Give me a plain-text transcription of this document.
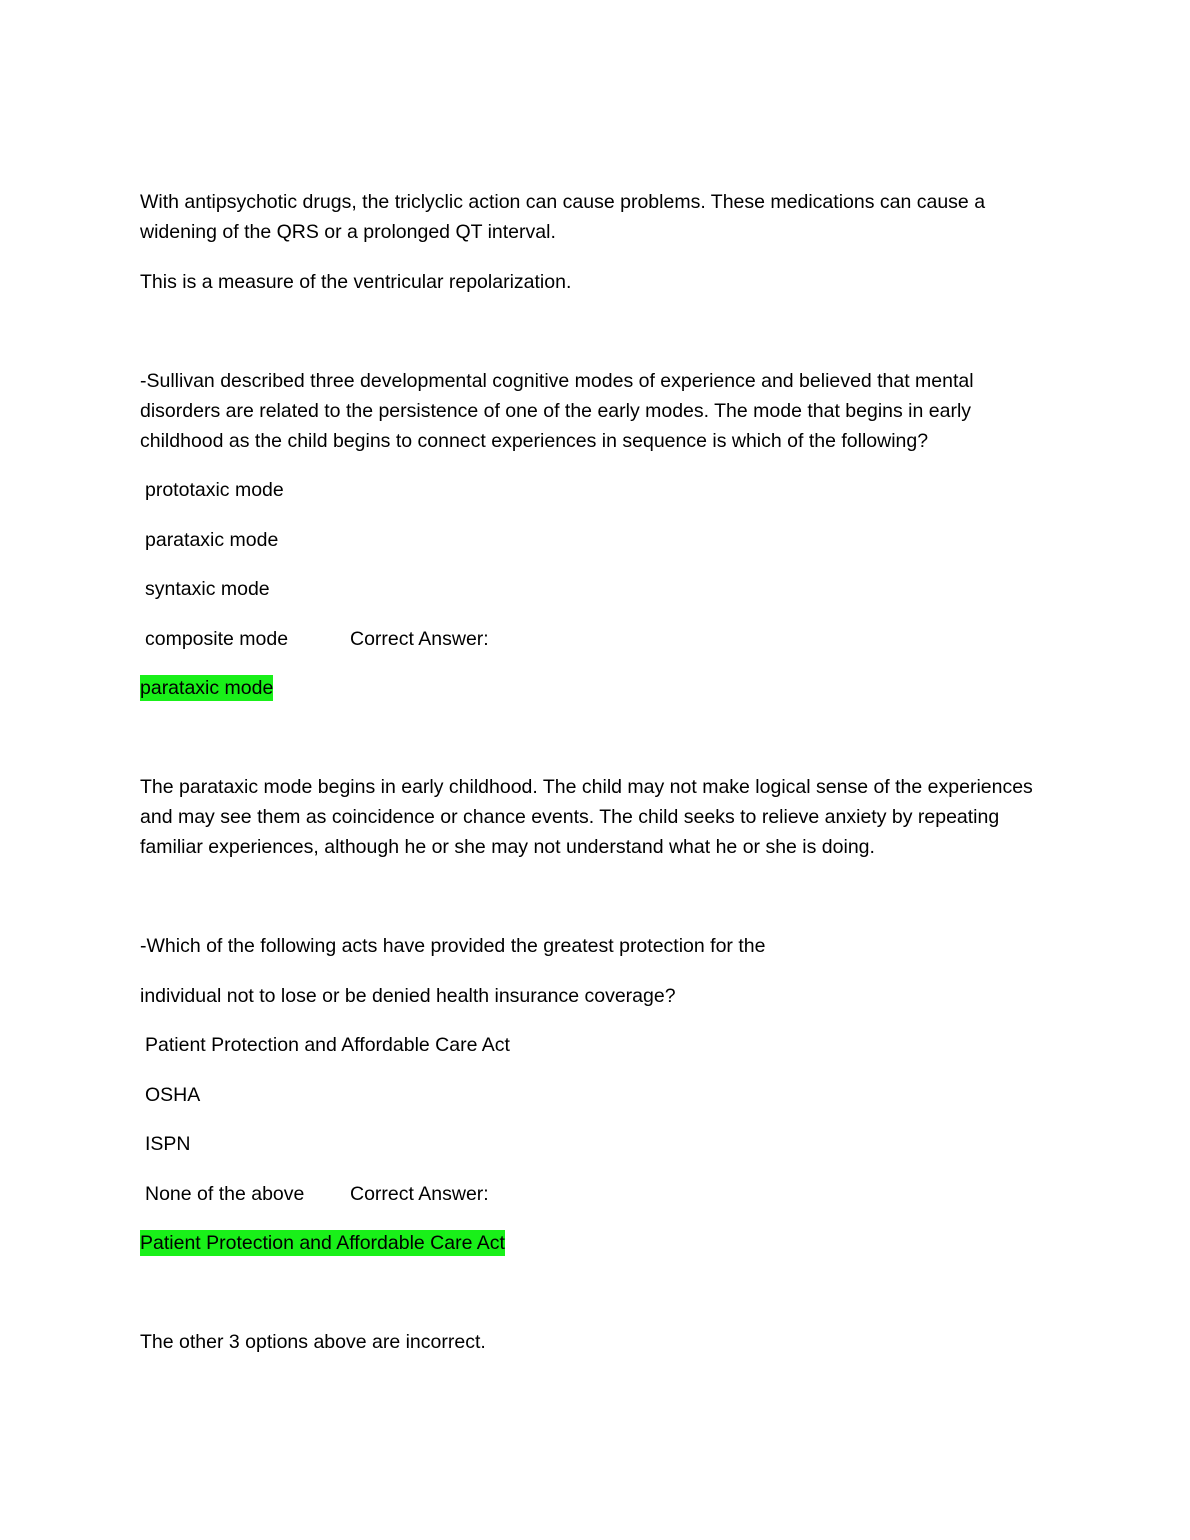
With antipsychotic drugs, the triclyclic action can cause problems. These medications can cause a
widening of the QRS or a prolonged QT interval.
This is a measure of the ventricular repolarization.
-Sullivan described three developmental cognitive modes of experience and believed that mental
disorders are related to the persistence of one of the early modes. The mode that begins in early
childhood as the child begins to connect experiences in sequence is which of the following?
prototaxic mode
parataxic mode
syntaxic mode
composite mode	Correct Answer:
parataxic mode
The parataxic mode begins in early childhood. The child may not make logical sense of the experiences
and may see them as coincidence or chance events. The child seeks to relieve anxiety by repeating
familiar experiences, although he or she may not understand what he or she is doing.
-Which of the following acts have provided the greatest protection for the
individual not to lose or be denied health insurance coverage?
Patient Protection and Affordable Care Act
OSHA
ISPN
None of the above Correct Answer:
Patient Protection and Affordable Care Act
The other 3 options above are incorrect.
